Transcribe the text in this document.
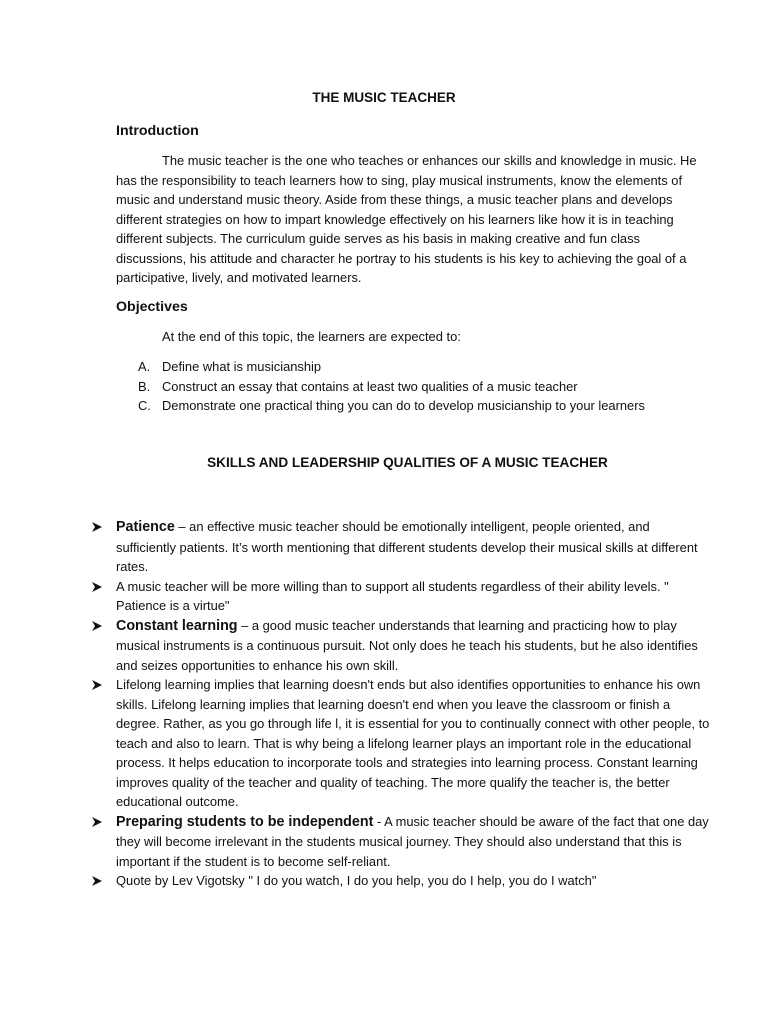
THE MUSIC TEACHER
Introduction
The music teacher is the one who teaches or enhances our skills and knowledge in music. He has the responsibility to teach learners how to sing, play musical instruments, know the elements of music and understand music theory. Aside from these things, a music teacher plans and develops different strategies on how to impart knowledge effectively on his learners like how it is in teaching different subjects. The curriculum guide serves as his basis in making creative and fun class discussions, his attitude and character he portray to his students is his key to achieving the goal of a participative, lively, and motivated learners.
Objectives
At the end of this topic, the learners are expected to:
A. Define what is musicianship
B. Construct an essay that contains at least two qualities of a music teacher
C. Demonstrate one practical thing you can do to develop musicianship to your learners
SKILLS AND LEADERSHIP QUALITIES OF A MUSIC TEACHER
Patience – an effective music teacher should be emotionally intelligent, people oriented, and sufficiently patients. It’s worth mentioning that different students develop their musical skills at different rates.
A music teacher will be more willing than to support all students regardless of their ability levels. " Patience is a virtue"
Constant learning – a good music teacher understands that learning and practicing how to play musical instruments is a continuous pursuit. Not only does he teach his students, but he also identifies and seizes opportunities to enhance his own skill.
Lifelong learning implies that learning doesn't ends but also identifies opportunities to enhance his own skills. Lifelong learning implies that learning doesn't end when you leave the classroom or finish a degree. Rather, as you go through life l, it is essential for you to continually connect with other people, to teach and also to learn. That is why being a lifelong learner plays an important role in the educational process. It helps education to incorporate tools and strategies into learning process. Constant learning improves quality of the teacher and quality of teaching. The more qualify the teacher is, the better educational outcome.
Preparing students to be independent - A music teacher should be aware of the fact that one day they will become irrelevant in the students musical journey. They should also understand that this is important if the student is to become self-reliant.
Quote by Lev Vigotsky " I do you watch, I do you help, you do I help, you do I watch"
